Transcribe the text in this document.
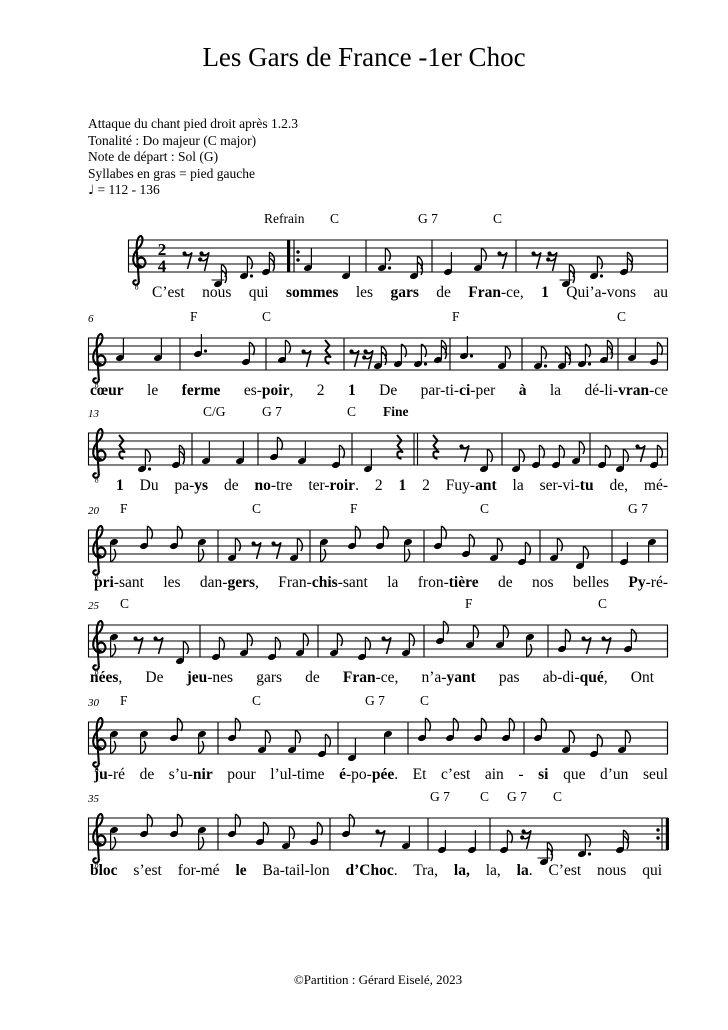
Les Gars de France -1er Choc
Attaque du chant pied droit après 1.2.3
Tonalité : Do majeur (C major)
Note de départ : Sol (G)
Syllabes en gras = pied gauche
♩ = 112 - 136
Refrain C	G 7	C
2
4
C’est nous qui sommes les gars de Fran-ce, 1 Qui’a-vons au
6	F	C	F	C
cœur le ferme es-poir, 2 1 De par-ti-ci-per à la dé-li-vran-ce
13	Fine
C/G	G 7	C
1 Du pa-ys de no-tre ter-roir. 2 1 2 Fuy-ant la ser-vi-tu de, mé-
20 F	C	F	C	G 7
pri-sant les dan-gers, Fran-chis-sant la fron-tière de nos belles Py-ré-
25 C	F	C
nées, De jeu-nes gars de Fran-ce, n’a-yant pas ab-di-qué, Ont
30 F	C	G 7	C
ju-ré de s’u-nir pour l’ul-time é-po-pée. Et c’est ain - si que d’un seul
35	G 7 C G 7 C
bloc s’est for-mé le Ba-tail-lon d’Choc. Tra, la, la, la. C’est nous qui
©Partition : Gérard Eiselé, 2023
